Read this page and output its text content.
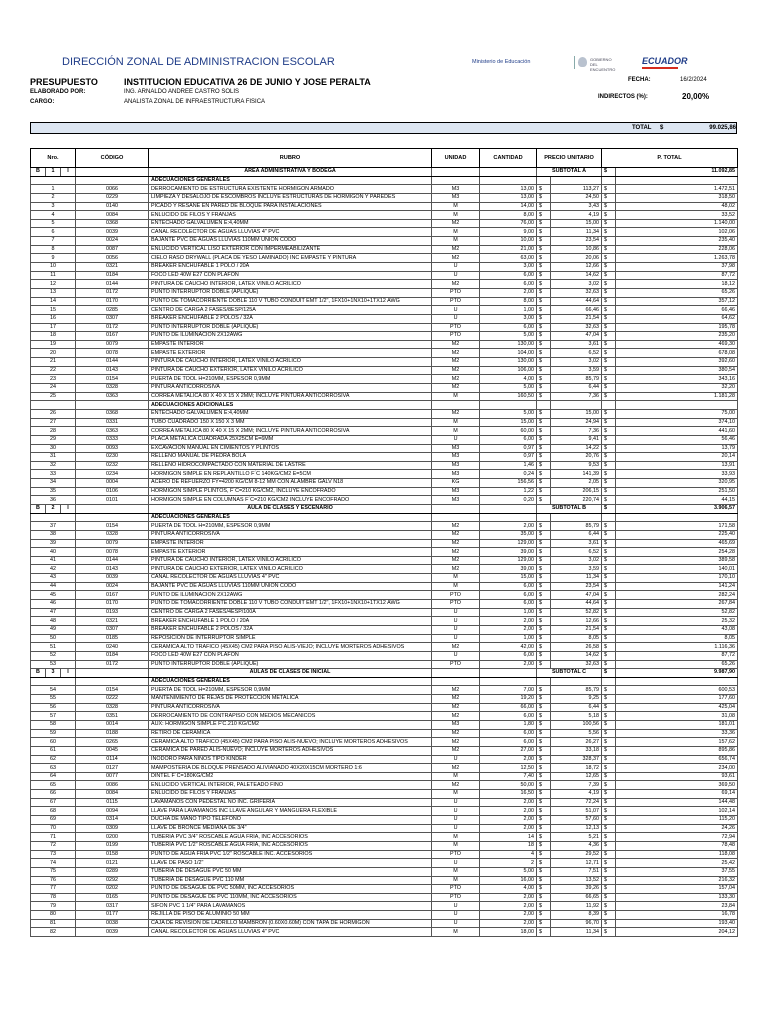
DIRECCIÓN ZONAL DE ADMINISTRACION ESCOLAR	Ministerio de Educación	GOBIERNO DEL ENCUENTRO
ECUADOR
PRESUPUESTO	INSTITUCION EDUCATIVA 26 DE JUNIO Y JOSE PERALTA
ELABORADO POR:	ING. ARNALDO ANDREE CASTRO SOLIS
CARGO:	ANALISTA ZONAL DE INFRAESTRUCTURA FISICA
FECHA:	16/2/2024
INDIRECTOS (%):	20,00%
TOTAL $	99.025,86
Nro.			CÓDIGO	RUBRO	UNIDAD	CANTIDAD	PRECIO UNITARIO		P. TOTAL	
B	1	I		ÁREA ADMINISTRATIVA Y BODEGA			SUBTOTAL A		$	11.092,85
				ADECUACIONES GENERALES						
1			0066	DERROCAMIENTO DE ESTRUCTURA EXISTENTE HORMIGON ARMADO	M3	13,00	$	113,27	$	1.472,51
2			0229	LIMPIEZA Y DESALOJO DE ESCOMBROS INCLUYE ESTRUCTURAS DE HORMIGON Y PAREDES	M3	13,00	$	24,50	$	318,50
3			0140	PICADO Y RESANE EN PARED DE BLOQUE PARA INSTALACIONES	M	14,00	$	3,43	$	48,02
4			0084	ENLUCIDO DE FILOS Y FRANJAS	M	8,00	$	4,19	$	33,52
5			0368	ENTECHADO GALVALUMEN E:4,40MM	M2	76,00	$	15,00	$	1.140,00
6			0039	CANAL RECOLECTOR DE AGUAS LLUVIAS 4" PVC	M	9,00	$	11,34	$	102,06
7			0024	BAJANTE PVC DE AGUAS LLUVIAS 110MM UNION CODO	M	10,00	$	23,54	$	235,40
8			0087	ENLUCIDO VERTICAL LISO EXTERIOR CON IMPERMEABILIZANTE	M2	21,00	$	10,86	$	228,06
9			0056	CIELO RASO DRYWALL (PLACA DE YESO LAMINADO) INC EMPASTE Y PINTURA	M2	63,00	$	20,06	$	1.263,78
10			0321	BREAKER ENCHUFABLE 1 POLO / 20A	U	3,00	$	12,66	$	37,98
11			0184	FOCO LED 40W E27 CON PLAFÓN	U	6,00	$	14,62	$	87,72
12			0144	PINTURA DE CAUCHO INTERIOR, LATEX VINILO ACRILICO	M2	6,00	$	3,02	$	18,12
13			0172	PUNTO INTERRUPTOR DOBLE (APLIQUE)	PTO	2,00	$	32,63	$	65,26
14			0170	PUNTO DE TOMACORRIENTE DOBLE 110 V TUBO CONDUIT EMT 1/2", 1FX10+1NX10+1TX12 AWG	PTO	8,00	$	44,64	$	357,12
15			0285	CENTRO DE CARGA 2 FASES/8ESP/125A	U	1,00	$	66,46	$	66,46
16			0307	BREAKER ENCHUFABLE 2 POLOS / 32A	U	3,00	$	21,54	$	64,62
17			0172	PUNTO INTERRUPTOR DOBLE (APLIQUE)	PTO	6,00	$	32,63	$	195,78
18			0167	PUNTO DE ILUMINACION 2X12AWG	PTO	5,00	$	47,04	$	235,20
19			0079	EMPASTE INTERIOR	M2	130,00	$	3,61	$	469,30
20			0078	EMPASTE EXTERIOR	M2	104,00	$	6,52	$	678,08
21			0144	PINTURA DE CAUCHO INTERIOR, LATEX VINILO ACRILICO	M2	130,00	$	3,02	$	392,60
22			0143	PINTURA DE CAUCHO EXTERIOR, LATEX VINILO ACRILICO	M2	106,00	$	3,59	$	380,54
23			0154	PUERTA DE TOOL H=210MM, ESPESOR 0,9MM	M2	4,00	$	85,79	$	343,16
24			0328	PINTURA ANTICORROSIVA	M2	5,00	$	6,44	$	32,20
25			0363	CORREA METALICA 80 X 40 X 15 X 2MM; INCLUYE PINTURA ANTICORROSIVA	M	160,50	$	7,36	$	1.181,28
				ADECUACIONES ADICIONALES						
26			0368	ENTECHADO GALVALUMEN E:4,40MM	M2	5,00	$	15,00	$	75,00
27			0331	TUBO CUADRADO 150 X 150 X 3 MM	M	15,00	$	24,94	$	374,10
28			0363	CORREA METALICA 80 X 40 X 15 X 2MM; INCLUYE PINTURA ANTICORROSIVA	M	60,00	$	7,36	$	441,60
29			0333	PLACA METALICA CUADRADA 25X25CM E=6MM	U	6,00	$	9,41	$	56,46
30			0093	EXCAVACION MANUAL EN CIMIENTOS Y PLINTOS	M3	0,97	$	14,22	$	13,79
31			0230	RELLENO MANUAL DE PIEDRA BOLA	M3	0,97	$	20,76	$	20,14
32			0232	RELLENO HIDROCOMPACTADO CON MATERIAL DE LASTRE	M3	1,46	$	9,53	$	13,91
33			0234	HORMIGON SIMPLE EN REPLANTILLO F´C 140KG/CM2 E=5CM	M3	0,24	$	141,39	$	33,93
34			0004	ACERO DE REFUERZO FY=4200 KG/CM 8-12 MM CON ALAMBRE GALV N18	KG	156,56	$	2,05	$	320,95
35			0106	HORMIGON SIMPLE PLINTOS, F´C=210 KG/CM2, INCLUYE ENCOFRADO	M3	1,22	$	206,15	$	251,50
36			0101	HORMIGON SIMPLE EN COLUMNAS F´C=210 KG/CM2 INCLUYE ENCOFRADO	M3	0,20	$	220,74	$	44,15
B	2	I		AULA DE CLASES Y ESCENARIO			SUBTOTAL B		$	3.906,57
				ADECUACIONES GENERALES						
37			0154	PUERTA DE TOOL H=210MM, ESPESOR 0,9MM	M2	2,00	$	85,79	$	171,58
38			0328	PINTURA ANTICORROSIVA	M2	35,00	$	6,44	$	225,40
39			0079	EMPASTE INTERIOR	M2	129,00	$	3,61	$	465,69
40			0078	EMPASTE EXTERIOR	M2	39,00	$	6,52	$	254,28
41			0144	PINTURA DE CAUCHO INTERIOR, LATEX VINILO ACRILICO	M2	129,00	$	3,02	$	389,58
42			0143	PINTURA DE CAUCHO EXTERIOR, LATEX VINILO ACRILICO	M2	39,00	$	3,59	$	140,01
43			0039	CANAL RECOLECTOR DE AGUAS LLUVIAS 4" PVC	M	15,00	$	11,34	$	170,10
44			0024	BAJANTE PVC DE AGUAS LLUVIAS 110MM UNION CODO	M	6,00	$	23,54	$	141,24
45			0167	PUNTO DE ILUMINACION 2X12AWG	PTO	6,00	$	47,04	$	282,24
46			0170	PUNTO DE TOMACORRIENTE DOBLE 110 V TUBO CONDUIT EMT 1/2", 1FX10+1NX10+1TX12 AWG	PTO	6,00	$	44,64	$	267,84
47			0193	CENTRO DE CARGA 2 FASES/4ESP/100A	U	1,00	$	52,82	$	52,82
48			0321	BREAKER ENCHUFABLE 1 POLO / 20A	U	2,00	$	12,66	$	25,32
49			0307	BREAKER ENCHUFABLE 2 POLOS / 32A	U	2,00	$	21,54	$	43,08
50			0185	REPOSICION DE INTERRUPTOR SIMPLE	U	1,00	$	8,05	$	8,05
51			0240	CERAMICA ALTO TRAFICO (45X45) CM2 PARA PISO ALIS-VIEJO; INCLUYE MORTEROS ADHESIVOS	M2	42,00	$	26,58	$	1.116,36
52			0184	FOCO LED 40W E27 CON PLAFÓN	U	6,00	$	14,62	$	87,72
53			0172	PUNTO INTERRUPTOR DOBLE (APLIQUE)	PTO	2,00	$	32,63	$	65,26
B	3	I		AULAS DE CLASES DE INICIAL			SUBTOTAL C		$	9.987,90
				ADECUACIONES GENERALES						
54			0154	PUERTA DE TOOL H=210MM, ESPESOR 0,9MM	M2	7,00	$	85,79	$	600,53
55			0222	MANTENIMIENTO DE REJAS DE PROTECCION METALICA	M2	19,20	$	9,25	$	177,60
56			0328	PINTURA ANTICORROSIVA	M2	66,00	$	6,44	$	425,04
57			0351	DERROCAMIENTO DE CONTRAPISO CON MEDIOS MECANICOS	M2	6,00	$	5,18	$	31,08
58			0014	AUX: HORMIGON SIMPLE F'C.210 KG/CM2	M3	1,80	$	100,56	$	181,01
59			0188	RETIRO DE CERAMICA	M2	6,00	$	5,56	$	33,36
60			0265	CERAMICA ALTO TRAFICO (45X45) CM2 PARA PISO ALIS-NUEVO; INCLUYE MORTEROS ADHESIVOS	M2	6,00	$	26,27	$	157,62
61			0045	CERAMICA DE PARED ALIS-NUEVO; INCLUYE MORTEROS ADHESIVOS	M2	27,00	$	33,18	$	895,86
62			0114	INODORO PARA NIÑOS TIPO KINDER	U	2,00	$	328,37	$	656,74
63			0127	MAMPOSTERIA DE BLOQUE PRENSADO ALIVIANADO 40X20X15CM MORTERO 1:6	M2	12,50	$	18,72	$	234,00
64			0077	DINTEL F´C=180KG/CM2	M	7,40	$	12,65	$	93,61
65			0086	ENLUCIDO VERTICAL INTERIOR, PALETEADO FINO	M2	50,00	$	7,39	$	369,50
66			0084	ENLUCIDO DE FILOS Y FRANJAS	M	16,50	$	4,19	$	69,14
67			0115	LAVAMANOS CON PEDESTAL NO INC. GRIFERIA	U	2,00	$	72,24	$	144,48
68			0094	LLAVE PARA LAVAMANOS INC LLAVE ANGULAR Y MANGUERA FLEXIBLE	U	2,00	$	51,07	$	102,14
69			0314	DUCHA DE MANO TIPO TELEFONO	U	2,00	$	57,60	$	115,20
70			0309	LLAVE DE BRONCE MEDIANA DE 3/4"	U	2,00	$	12,13	$	24,26
71			0200	TUBERIA PVC 3/4" ROSCABLE AGUA FRIA, INC ACCESORIOS	M	14	$	5,21	$	72,94
72			0199	TUBERIA PVC 1/2" ROSCABLE AGUA FRIA, INC ACCESORIOS	M	18	$	4,36	$	78,48
73			0158	PUNTO DE AGUA FRIA PVC 1/2" ROSCABLE INC. ACCESORIOS	PTO	4	$	29,52	$	118,08
74			0121	LLAVE DE PASO 1/2"	U	2	$	12,71	$	25,42
75			0289	TUBERIA DE DESAGUE PVC 50 MM	M	5,00	$	7,51	$	37,55
76			0292	TUBERIA DE DESAGUE PVC 110 MM	M	16,00	$	13,52	$	216,32
77			0202	PUNTO DE DESAGUE DE PVC 50MM, INC ACCESORIOS	PTO	4,00	$	39,26	$	157,04
78			0165	PUNTO DE DESAGUE DE PVC 110MM, INC ACCESORIOS	PTO	2,00	$	66,65	$	133,30
79			0317	SIFON PVC 1 1/4" PARA LAVAMANOS	U	2,00	$	11,92	$	23,84
80			0177	REJILLA DE PISO DE ALUMINIO 50 MM	U	2,00	$	8,39	$	16,78
81			0038	CAJA DE REVISION DE LADRILLO MAMBRON (0.60X0.60M) CON TAPA DE HORMIGON	U	2,00	$	96,70	$	193,40
82			0039	CANAL RECOLECTOR DE AGUAS LLUVIAS 4" PVC	M	18,00	$	11,34	$	204,12
